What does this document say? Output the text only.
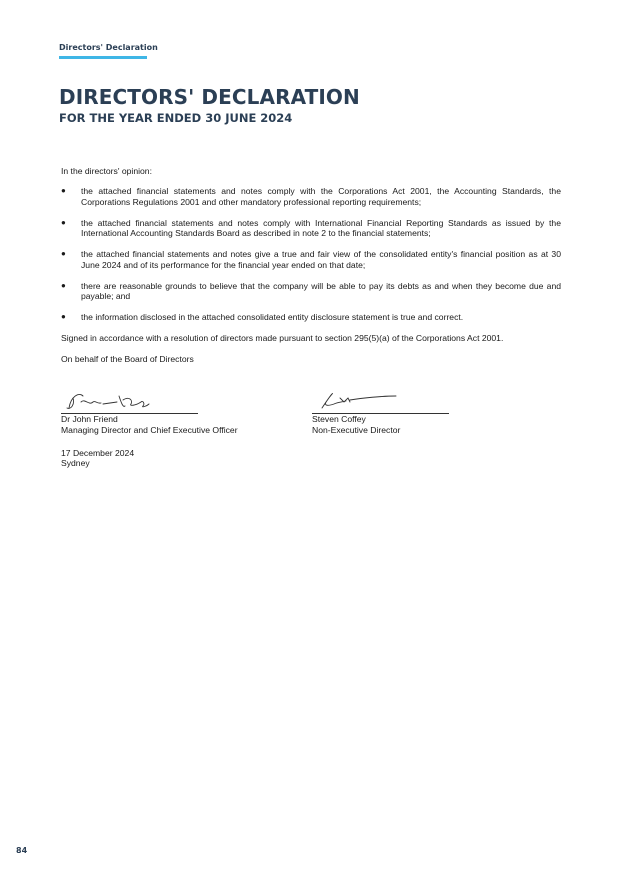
Directors' Declaration
DIRECTORS' DECLARATION
FOR THE YEAR ENDED 30 JUNE 2024

In the directors' opinion:

● the attached financial statements and notes comply with the Corporations Act 2001, the Accounting Standards, the Corporations Regulations 2001 and other mandatory professional reporting requirements;
● the attached financial statements and notes comply with International Financial Reporting Standards as issued by the International Accounting Standards Board as described in note 2 to the financial statements;
● the attached financial statements and notes give a true and fair view of the consolidated entity's financial position as at 30 June 2024 and of its performance for the financial year ended on that date;
● there are reasonable grounds to believe that the company will be able to pay its debts as and when they become due and payable; and
● the information disclosed in the attached consolidated entity disclosure statement is true and correct.

Signed in accordance with a resolution of directors made pursuant to section 295(5)(a) of the Corporations Act 2001.

On behalf of the Board of Directors

Dr John Friend
Managing Director and Chief Executive Officer
Steven Coffey
Non-Executive Director

17 December 2024

Sydney

84
